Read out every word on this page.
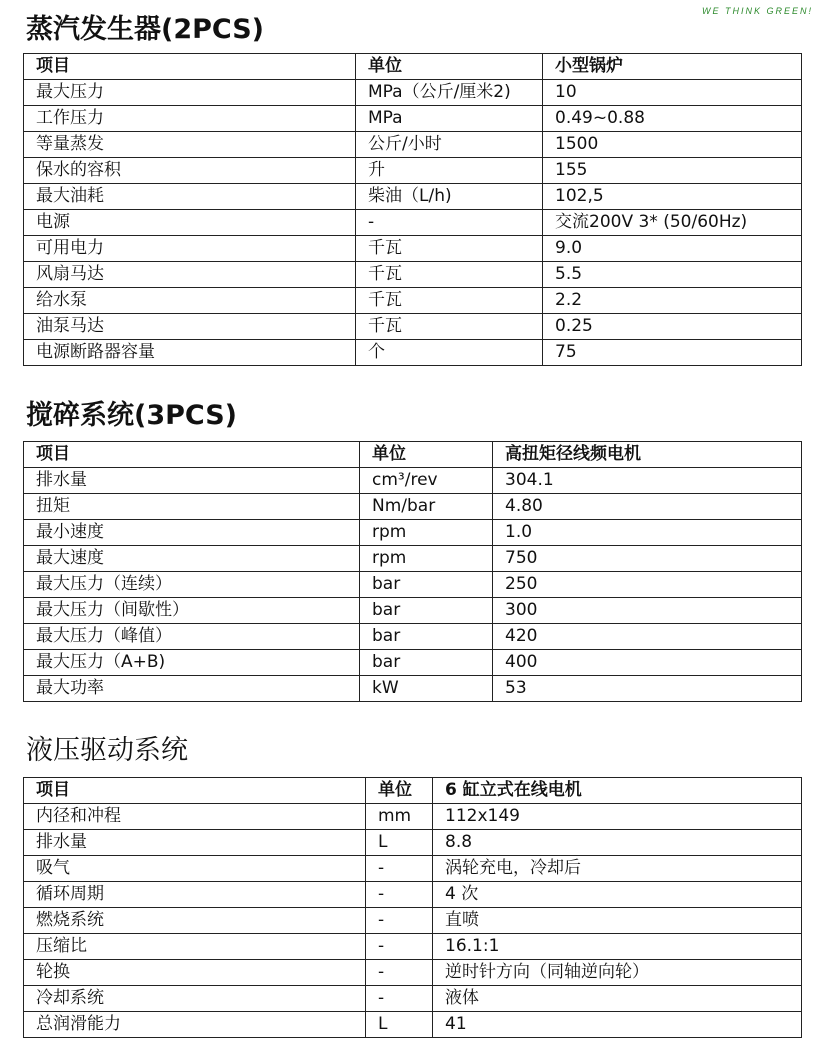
WE THINK GREEN!
蒸汽发生器(2PCS)
项目	单位	小型锅炉
最大压力	MPa（公斤/厘米2)	10
工作压力	MPa	0.49~0.88
等量蒸发	公斤/小时	1500
保水的容积	升	155
最大油耗	柴油（L/h)	102,5
电源	-	交流200V 3* (50/60Hz)
可用电力	千瓦	9.0
风扇马达	千瓦	5.5
给水泵	千瓦	2.2
油泵马达	千瓦	0.25
电源断路器容量	个	75
搅碎系统(3PCS)
项目	单位	高扭矩径线频电机
排水量	cm³/rev	304.1
扭矩	Nm/bar	4.80
最小速度	rpm	1.0
最大速度	rpm	750
最大压力（连续）	bar	250
最大压力（间歇性）	bar	300
最大压力（峰值）	bar	420
最大压力（A+B)	bar	400
最大功率	kW	53
液压驱动系统
项目	单位	6 缸立式在线电机
内径和冲程	mm	112x149
排水量	L	8.8
吸气	-	涡轮充电，冷却后
循环周期	-	4 次
燃烧系统	-	直喷
压缩比	-	16.1:1
轮换	-	逆时针方向（同轴逆向轮）
冷却系统	-	液体
总润滑能力	L	41
